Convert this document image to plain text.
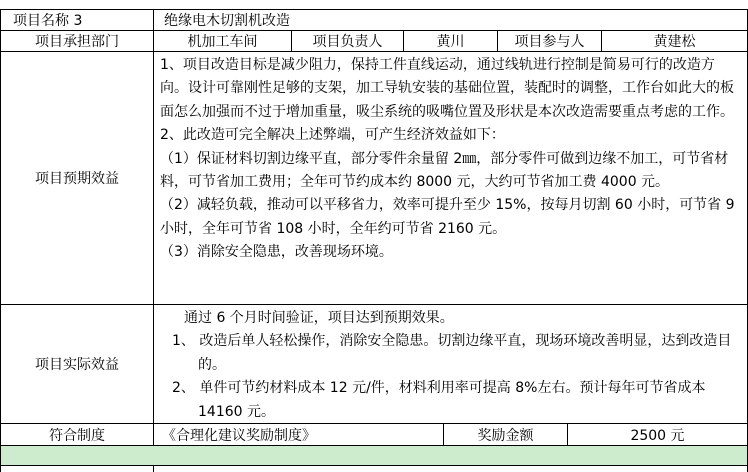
项目名称 3	绝缘电木切割机改造
项目承担部门	机加工车间	项目负责人	黄川	项目参与人	黄建松
项目预期效益

1、项目改造目标是减少阻力，保持工件直线运动，通过线轨进行控制是简易可行的改造方向。设计可靠刚性足够的支架，加工导轨安装的基础位置，装配时的调整，工作台如此大的板面怎么加强而不过于增加重量，吸尘系统的吸嘴位置及形状是本次改造需要重点考虑的工作。

2、此改造可完全解决上述弊端，可产生经济效益如下：

（1）保证材料切割边缘平直，部分零件余量留 2㎜，部分零件可做到边缘不加工，可节省材料，可节省加工费用；全年可节约成本约 8000 元，大约可节省加工费 4000 元。

（2）减轻负载，推动可以平移省力，效率可提升至少 15%，按每月切割 60 小时，可节省 9 小时，全年可节省 108 小时，全年约可节省 2160 元。

（3）消除安全隐患，改善现场环境。

项目实际效益

通过 6 个月时间验证，项目达到预期效果。

1、 改造后单人轻松操作，消除安全隐患。切割边缘平直，现场环境改善明显，达到改造目的。

2、 单件可节约材料成本 12 元/件，材料利用率可提高 8%左右。预计每年可节省成本 14160 元。

符合制度	《合理化建议奖励制度》	奖励金额	2500 元
